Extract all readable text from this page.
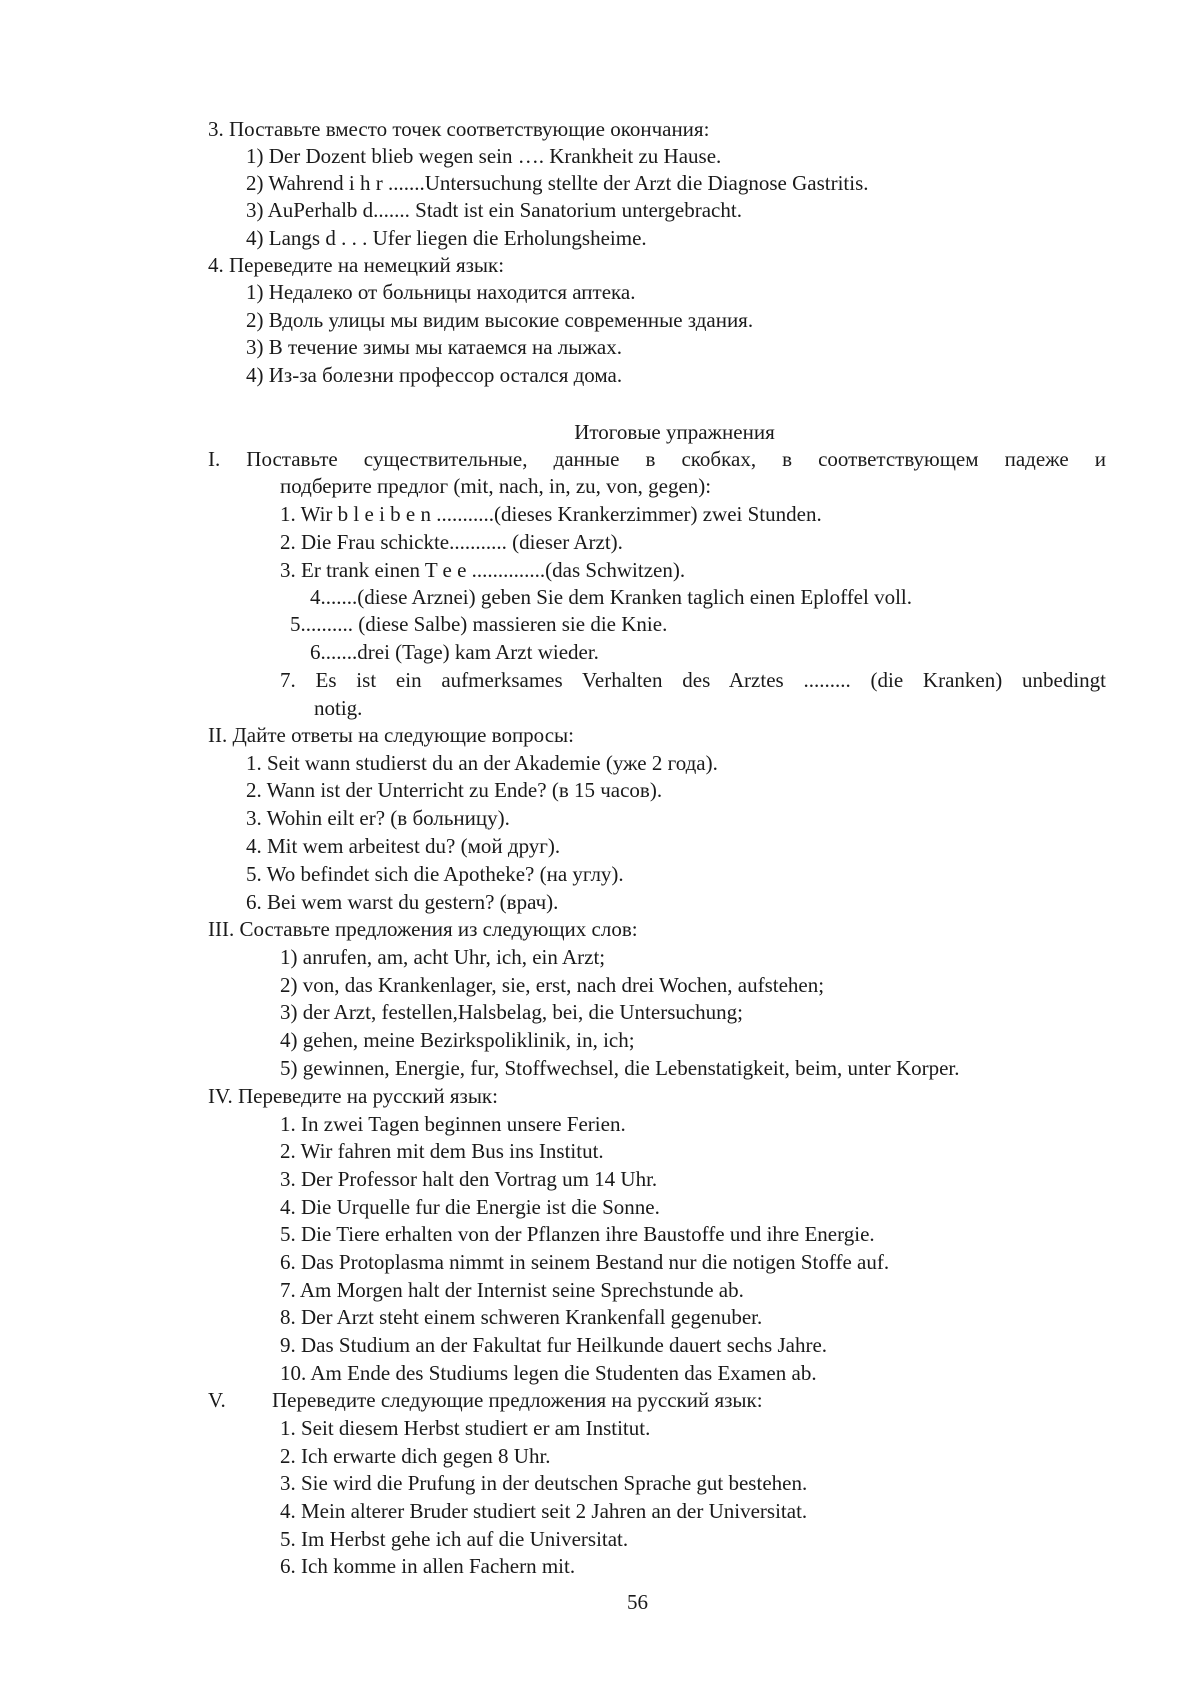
3. Поставьте вместо точек соответствующие окончания:
1) Der Dozent blieb wegen sein …. Krankheit zu Hause.
2) Wahrend i h r .......Untersuchung stellte der Arzt die Diagnose Gastritis.
3) AuPerhalb d....... Stadt ist ein Sanatorium untergebracht.
4) Langs d . . . Ufer liegen die Erholungsheime.
4. Переведите на немецкий язык:
1) Недалеко от больницы находится аптека.
2) Вдоль улицы мы видим высокие современные здания.
3) В течение зимы мы катаемся на лыжах.
4) Из-за болезни профессор остался дома.
Итоговые упражнения
I. Поставьте существительные, данные в скобках, в соответствующем падеже и
подберите предлог (mit, nach, in, zu, von, gegen):
1. Wir b l e i b e n ...........(dieses Krankerzimmer) zwei Stunden.
2. Die Frau schickte........... (dieser Arzt).
3. Er trank einen T e e ..............(das Schwitzen).
4.......(diese Arznei) geben Sie dem Kranken taglich einen Eploffel voll.
5.......... (diese Salbe) massieren sie die Knie.
6.......drei (Tage) kam Arzt wieder.
7. Es ist ein aufmerksames Verhalten des Arztes ......... (die Kranken) unbedingt
notig.
II. Дайте ответы на следующие вопросы:
1. Seit wann studierst du an der Akademie (уже 2 года).
2. Wann ist der Unterricht zu Ende? (в 15 часов).
3. Wohin eilt er? (в больницу).
4. Mit wem arbeitest du? (мой друг).
5. Wo befindet sich die Apotheke? (на углу).
6. Bei wem warst du gestern? (врач).
III. Составьте предложения из следующих слов:
1) anrufen, am, acht Uhr, ich, ein Arzt;
2) von, das Krankenlager, sie, erst, nach drei Wochen, aufstehen;
3) der Arzt, festellen,Halsbelag, bei, die Untersuchung;
4) gehen, meine Bezirkspoliklinik, in, ich;
5) gewinnen, Energie, fur, Stoffwechsel, die Lebenstatigkeit, beim, unter Korper.
IV. Переведите на русский язык:
1. In zwei Tagen beginnen unsere Ferien.
2. Wir fahren mit dem Bus ins Institut.
3. Der Professor halt den Vortrag um 14 Uhr.
4. Die Urquelle fur die Energie ist die Sonne.
5. Die Tiere erhalten von der Pflanzen ihre Baustoffe und ihre Energie.
6. Das Protoplasma nimmt in seinem Bestand nur die notigen Stoffe auf.
7. Am Morgen halt der Internist seine Sprechstunde ab.
8. Der Arzt steht einem schweren Krankenfall gegenuber.
9. Das Studium an der Fakultat fur Heilkunde dauert sechs Jahre.
10. Am Ende des Studiums legen die Studenten das Examen ab.
V. Переведите следующие предложения на русский язык:
1. Seit diesem Herbst studiert er am Institut.
2. Ich erwarte dich gegen 8 Uhr.
3. Sie wird die Prufung in der deutschen Sprache gut bestehen.
4. Mein alterer Bruder studiert seit 2 Jahren an der Universitat.
5. Im Herbst gehe ich auf die Universitat.
6. Ich komme in allen Fachern mit.
56
